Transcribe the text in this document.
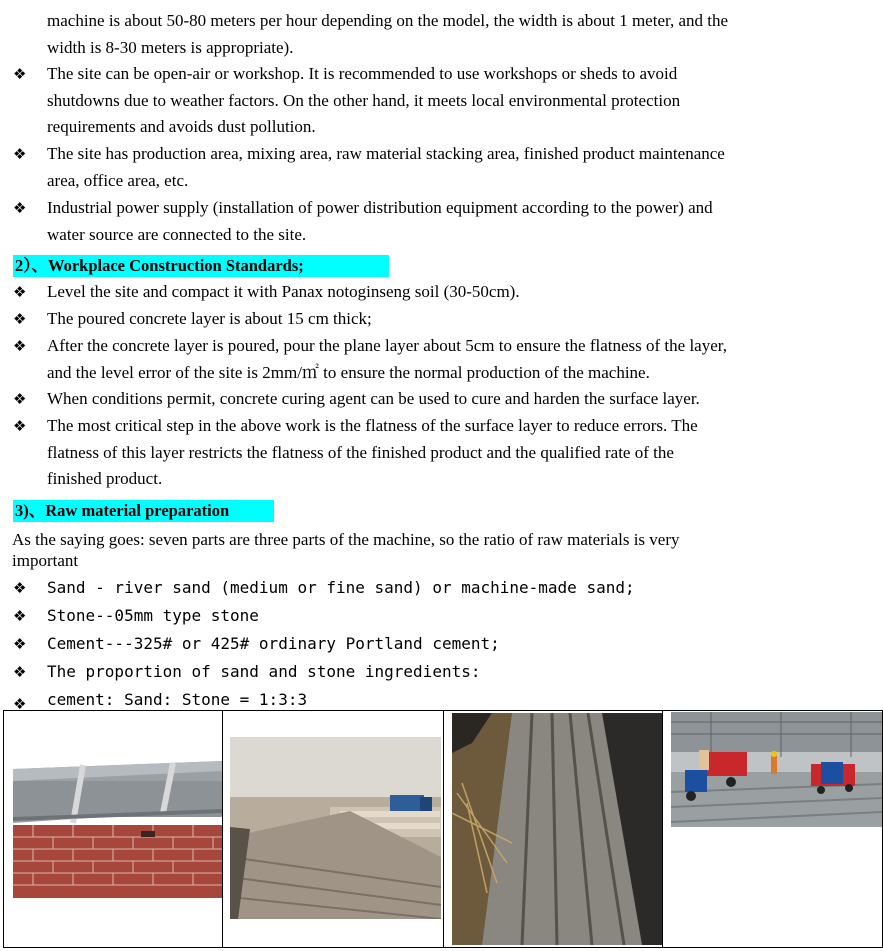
machine is about 50-80 meters per hour depending on the model, the width is about 1 meter, and the
width is 8-30 meters is appropriate).
❖	The site can be open-air or workshop. It is recommended to use workshops or sheds to avoid
shutdowns due to weather factors. On the other hand, it meets local environmental protection
requirements and avoids dust pollution.
❖	The site has production area, mixing area, raw material stacking area, finished product maintenance
area, office area, etc.
❖	Industrial power supply (installation of power distribution equipment according to the power) and
water source are connected to the site.
2）、Workplace Construction Standards;
❖	Level the site and compact it with Panax notoginseng soil (30-50cm).
❖	The poured concrete layer is about 15 cm thick;
❖	After the concrete layer is poured, pour the plane layer about 5cm to ensure the flatness of the layer,
and the level error of the site is 2mm/㎡ to ensure the normal production of the machine.
❖	When conditions permit, concrete curing agent can be used to cure and harden the surface layer.
❖	The most critical step in the above work is the flatness of the surface layer to reduce errors. The
flatness of this layer restricts the flatness of the finished product and the qualified rate of the
finished product.
3)、Raw material preparation
As the saying goes: seven parts are three parts of the machine, so the ratio of raw materials is very
important
❖	Sand - river sand (medium or fine sand) or machine-made sand;
❖	Stone--05mm type stone
❖	Cement---325# or 425# ordinary Portland cement;
❖	The proportion of sand and stone ingredients:
❖	cement: Sand: Stone = 1:3:3
